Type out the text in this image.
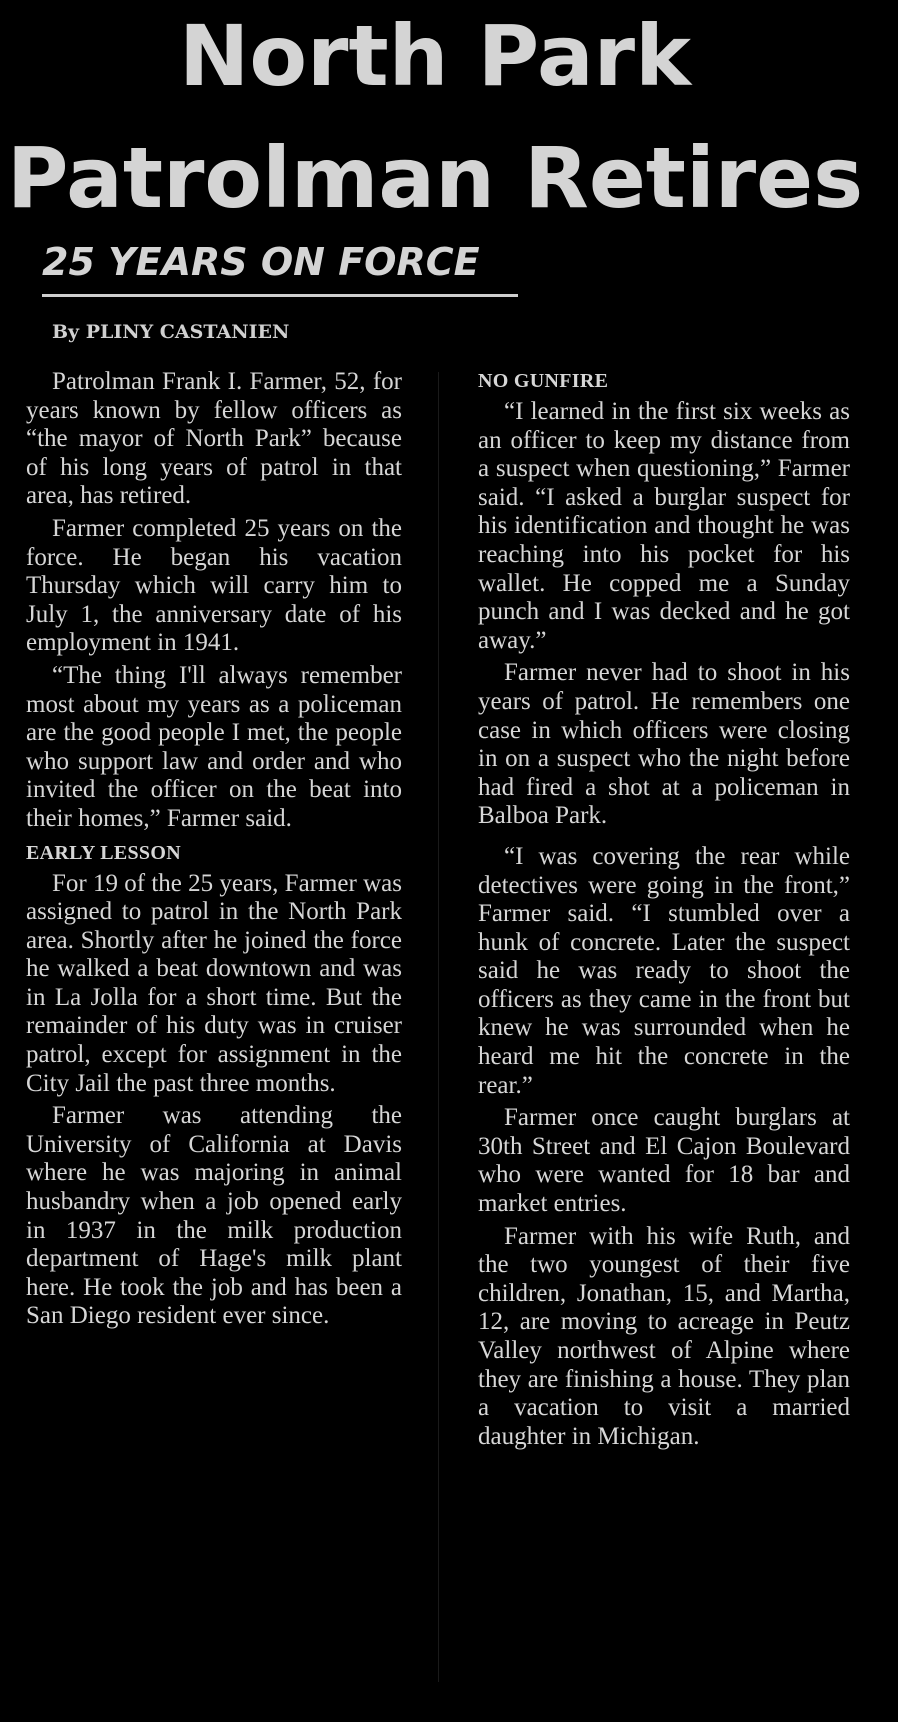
North Park
Patrolman Retires
25 YEARS ON FORCE
By PLINY CASTANIEN

Patrolman Frank I. Farmer, 52, for years known by fellow officers as “the mayor of North Park” because of his long years of patrol in that area, has retired.

Farmer completed 25 years on the force. He began his vacation Thursday which will carry him to July 1, the anniversary date of his employment in 1941.

“The thing I'll always remember most about my years as a policeman are the good people I met, the people who support law and order and who invited the officer on the beat into their homes,” Farmer said.

EARLY LESSON

For 19 of the 25 years, Farmer was assigned to patrol in the North Park area. Shortly after he joined the force he walked a beat downtown and was in La Jolla for a short time. But the remainder of his duty was in cruiser patrol, except for assignment in the City Jail the past three months.

Farmer was attending the University of California at Davis where he was majoring in animal husbandry when a job opened early in 1937 in the milk production department of Hage's milk plant here. He took the job and has been a San Diego resident ever since.

NO GUNFIRE

“I learned in the first six weeks as an officer to keep my distance from a suspect when questioning,” Farmer said. “I asked a burglar suspect for his identification and thought he was reaching into his pocket for his wallet. He copped me a Sunday punch and I was decked and he got away.”

Farmer never had to shoot in his years of patrol. He remembers one case in which officers were closing in on a suspect who the night before had fired a shot at a policeman in Balboa Park.

“I was covering the rear while detectives were going in the front,” Farmer said. “I stumbled over a hunk of concrete. Later the suspect said he was ready to shoot the officers as they came in the front but knew he was surrounded when he heard me hit the concrete in the rear.”

Farmer once caught burglars at 30th Street and El Cajon Boulevard who were wanted for 18 bar and market entries.

Farmer with his wife Ruth, and the two youngest of their five children, Jonathan, 15, and Martha, 12, are moving to acreage in Peutz Valley northwest of Alpine where they are finishing a house. They plan a vacation to visit a married daughter in Michigan.
